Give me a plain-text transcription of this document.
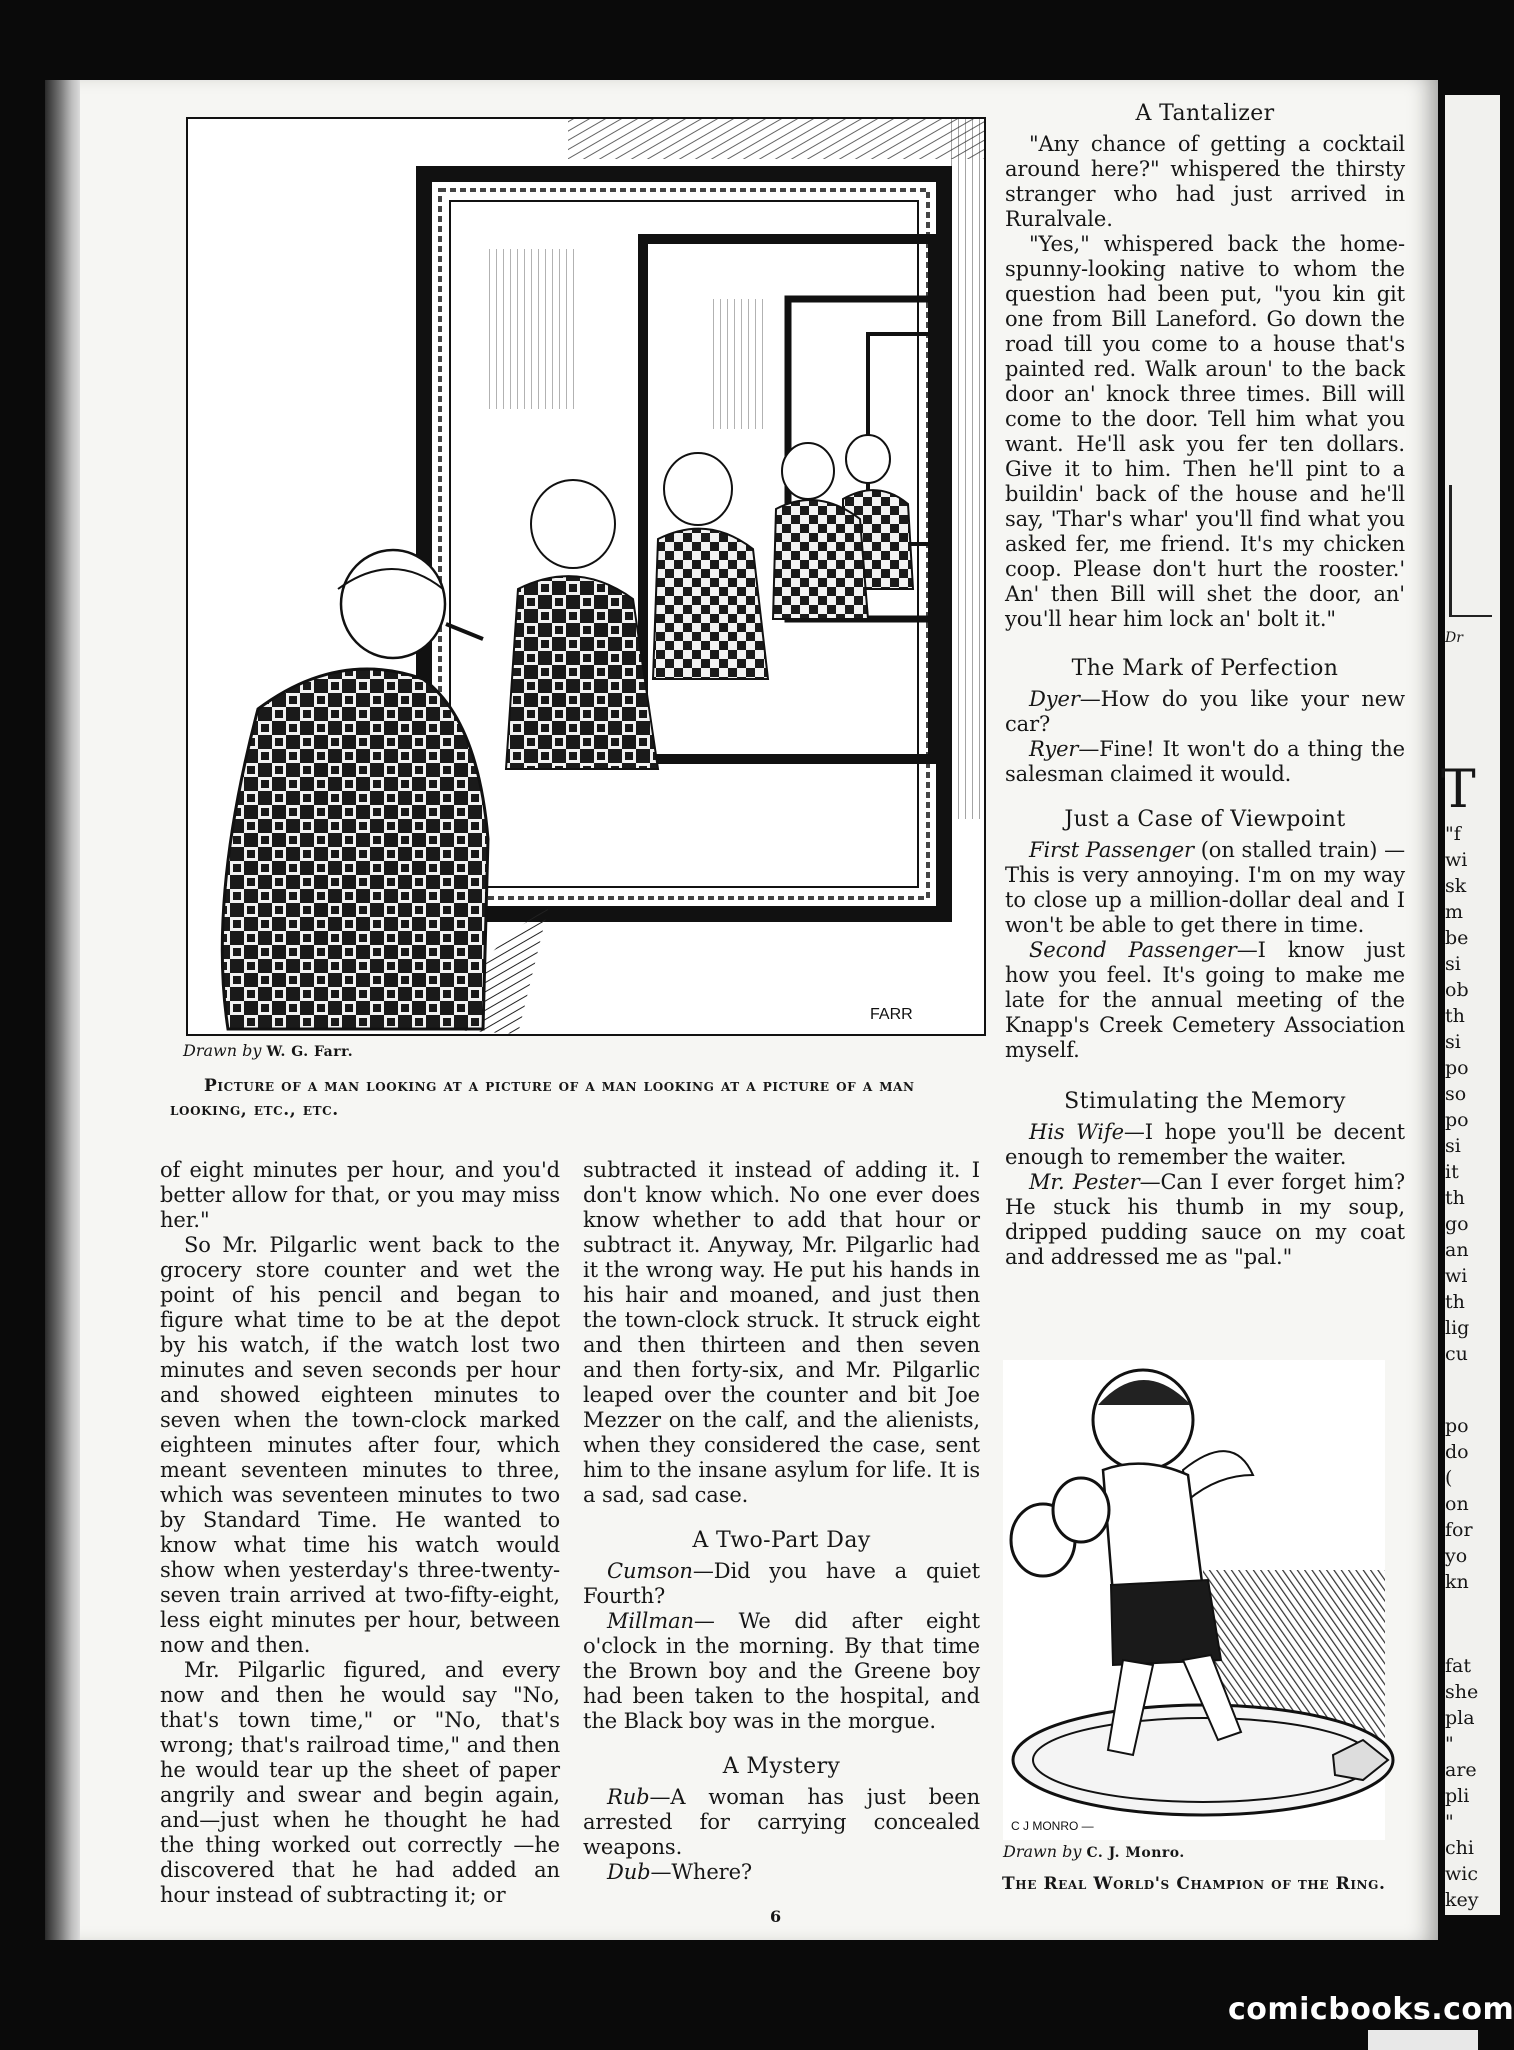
FARR
Drawn by W. G. Farr.
Picture of a man looking at a picture of a man looking at a picture of a man looking, etc., etc.

of eight minutes per hour, and you'd better allow for that, or you may miss her."

So Mr. Pilgarlic went back to the grocery store counter and wet the point of his pencil and began to figure what time to be at the depot by his watch, if the watch lost two minutes and seven seconds per hour and showed eighteen minutes to seven when the town-clock marked eighteen minutes after four, which meant seventeen minutes to three, which was seventeen minutes to two by Standard Time. He wanted to know what time his watch would show when yesterday's three-twenty-seven train arrived at two-fifty-eight, less eight minutes per hour, between now and then.

Mr. Pilgarlic figured, and every now and then he would say "No, that's town time," or "No, that's wrong; that's railroad time," and then he would tear up the sheet of paper angrily and swear and begin again, and—just when he thought he had the thing worked out correctly —he discovered that he had added an hour instead of subtracting it; or

subtracted it instead of adding it. I don't know which. No one ever does know whether to add that hour or subtract it. Anyway, Mr. Pilgarlic had it the wrong way. He put his hands in his hair and moaned, and just then the town-clock struck. It struck eight and then thirteen and then seven and then forty-six, and Mr. Pilgarlic leaped over the counter and bit Joe Mezzer on the calf, and the alienists, when they considered the case, sent him to the insane asylum for life. It is a sad, sad case.

A Two-Part Day

Cumson—Did you have a quiet Fourth?

Millman— We did after eight o'clock in the morning. By that time the Brown boy and the Greene boy had been taken to the hospital, and the Black boy was in the morgue.

A Mystery

Rub—A woman has just been arrested for carrying concealed weapons.

Dub—Where?

A Tantalizer

"Any chance of getting a cocktail around here?" whispered the thirsty stranger who had just arrived in Ruralvale.

"Yes," whispered back the home-spunny-looking native to whom the question had been put, "you kin git one from Bill Laneford. Go down the road till you come to a house that's painted red. Walk aroun' to the back door an' knock three times. Bill will come to the door. Tell him what you want. He'll ask you fer ten dollars. Give it to him. Then he'll pint to a buildin' back of the house and he'll say, 'Thar's whar' you'll find what you asked fer, me friend. It's my chicken coop. Please don't hurt the rooster.' An' then Bill will shet the door, an' you'll hear him lock an' bolt it."

The Mark of Perfection

Dyer—How do you like your new car?

Ryer—Fine! It won't do a thing the salesman claimed it would.

Just a Case of Viewpoint

First Passenger (on stalled train) —This is very annoying. I'm on my way to close up a million-dollar deal and I won't be able to get there in time.

Second Passenger—I know just how you feel. It's going to make me late for the annual meeting of the Knapp's Creek Cemetery Association myself.

Stimulating the Memory

His Wife—I hope you'll be decent enough to remember the waiter.

Mr. Pester—Can I ever forget him? He stuck his thumb in my soup, dripped pudding sauce on my coat and addressed me as "pal."

C J MONRO —
Drawn by C. J. Monro.
The Real World's Champion of the Ring.
6
Dr
T
"f
wi
sk
m
be
si
ob
th
si
po
so
po
si
it
th
go
an
wi
th
lig
cu
po
do
(
on
for
yo
kn
fat
she
pla
"
are
pli
"
chi
wic
key
comicbooks.com
